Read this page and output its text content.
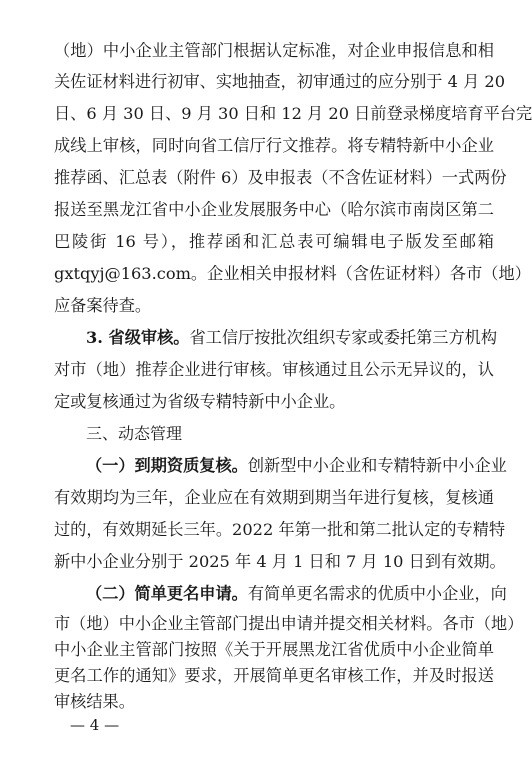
（地）中小企业主管部门根据认定标准，对企业申报信息和相
关佐证材料进行初审、实地抽查，初审通过的应分别于 4 月 20
日、6 月 30 日、9 月 30 日和 12 月 20 日前登录梯度培育平台完
成线上审核，同时向省工信厅行文推荐。将专精特新中小企业
推荐函、汇总表（附件 6）及申报表（不含佐证材料）一式两份
报送至黑龙江省中小企业发展服务中心（哈尔滨市南岗区第二
巴陵街 16 号），推荐函和汇总表可编辑电子版发至邮箱
gxtqyj@163.com。企业相关申报材料（含佐证材料）各市（地）
应备案待查。
3. 省级审核。省工信厅按批次组织专家或委托第三方机构
对市（地）推荐企业进行审核。审核通过且公示无异议的，认
定或复核通过为省级专精特新中小企业。
三、动态管理
（一）到期资质复核。创新型中小企业和专精特新中小企业
有效期均为三年，企业应在有效期到期当年进行复核，复核通
过的，有效期延长三年。2022 年第一批和第二批认定的专精特
新中小企业分别于 2025 年 4 月 1 日和 7 月 10 日到有效期。
（二）简单更名申请。有简单更名需求的优质中小企业，向
市（地）中小企业主管部门提出申请并提交相关材料。各市（地）
中小企业主管部门按照《关于开展黑龙江省优质中小企业简单
更名工作的通知》要求，开展简单更名审核工作，并及时报送
— 4 —
审核结果。
